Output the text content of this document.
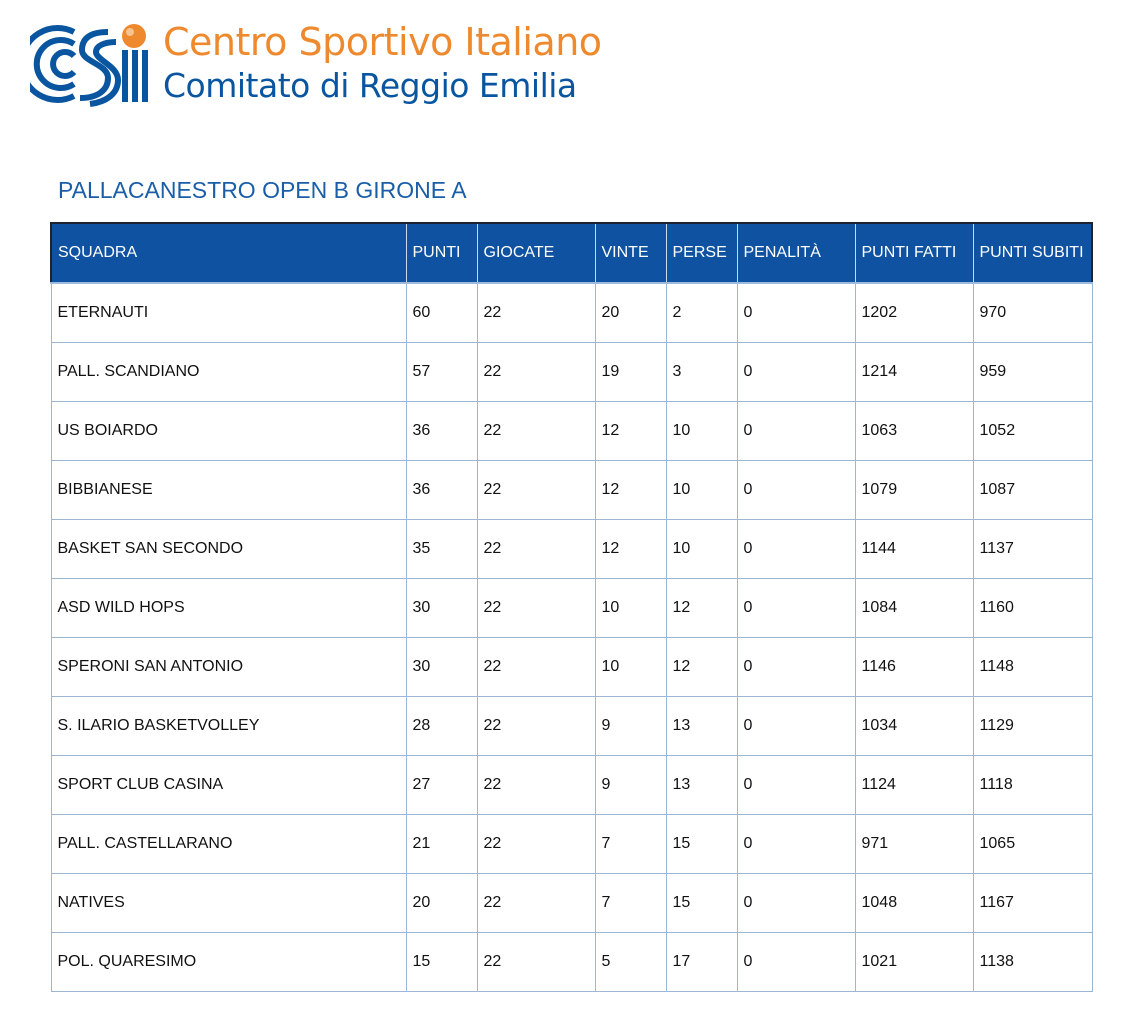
Centro Sportivo Italiano
Comitato di Reggio Emilia
PALLACANESTRO OPEN B GIRONE A
SQUADRA	PUNTI	GIOCATE	VINTE	PERSE	PENALITÀ	PUNTI FATTI	PUNTI SUBITI
ETERNAUTI	60	22	20	2	0	1202	970
PALL. SCANDIANO	57	22	19	3	0	1214	959
US BOIARDO	36	22	12	10	0	1063	1052
BIBBIANESE	36	22	12	10	0	1079	1087
BASKET SAN SECONDO	35	22	12	10	0	1144	1137
ASD WILD HOPS	30	22	10	12	0	1084	1160
SPERONI SAN ANTONIO	30	22	10	12	0	1146	1148
S. ILARIO BASKETVOLLEY	28	22	9	13	0	1034	1129
SPORT CLUB CASINA	27	22	9	13	0	1124	1118
PALL. CASTELLARANO	21	22	7	15	0	971	1065
NATIVES	20	22	7	15	0	1048	1167
POL. QUARESIMO	15	22	5	17	0	1021	1138
